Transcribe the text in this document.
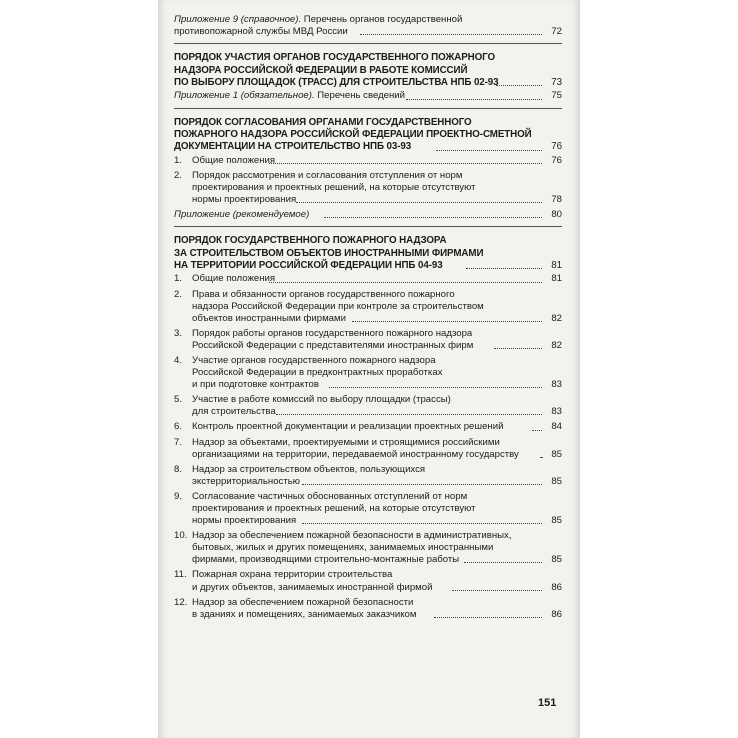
Приложение 9 (справочное). Перечень органов государственной
противопожарной службы МВД России	72
ПОРЯДОК УЧАСТИЯ ОРГАНОВ ГОСУДАРСТВЕННОГО ПОЖАРНОГО
НАДЗОРА РОССИЙСКОЙ ФЕДЕРАЦИИ В РАБОТЕ КОМИССИЙ
ПО ВЫБОРУ ПЛОЩАДОК (ТРАСС) ДЛЯ СТРОИТЕЛЬСТВА НПБ 02-93	73
Приложение 1 (обязательное). Перечень сведений	75
ПОРЯДОК СОГЛАСОВАНИЯ ОРГАНАМИ ГОСУДАРСТВЕННОГО
ПОЖАРНОГО НАДЗОРА РОССИЙСКОЙ ФЕДЕРАЦИИ ПРОЕКТНО-СМЕТНОЙ
ДОКУМЕНТАЦИИ НА СТРОИТЕЛЬСТВО НПБ 03-93	76
1. Общие положения	76
2. Порядок рассмотрения и согласования отступления от норм
проектирования и проектных решений, на которые отсутствуют
нормы проектирования	78
Приложение (рекомендуемое)	80
ПОРЯДОК ГОСУДАРСТВЕННОГО ПОЖАРНОГО НАДЗОРА
ЗА СТРОИТЕЛЬСТВОМ ОБЪЕКТОВ ИНОСТРАННЫМИ ФИРМАМИ
НА ТЕРРИТОРИИ РОССИЙСКОЙ ФЕДЕРАЦИИ НПБ 04-93	81
1. Общие положения	81
2. Права и обязанности органов государственного пожарного
надзора Российской Федерации при контроле за строительством
объектов иностранными фирмами	82
3. Порядок работы органов государственного пожарного надзора
Российской Федерации с представителями иностранных фирм	82
4. Участие органов государственного пожарного надзора
Российской Федерации в предконтрактных проработках
и при подготовке контрактов	83
5. Участие в работе комиссий по выбору площадки (трассы)
для строительства	83
6. Контроль проектной документации и реализации проектных решений	84
7. Надзор за объектами, проектируемыми и строящимися российскими
организациями на территории, передаваемой иностранному государству	85
8. Надзор за строительством объектов, пользующихся
экстерриториальностью	85
9. Согласование частичных обоснованных отступлений от норм
проектирования и проектных решений, на которые отсутствуют
нормы проектирования	85
10. Надзор за обеспечением пожарной безопасности в административных,
бытовых, жилых и других помещениях, занимаемых иностранными
фирмами, производящими строительно-монтажные работы	85
11. Пожарная охрана территории строительства
и других объектов, занимаемых иностранной фирмой	86
12. Надзор за обеспечением пожарной безопасности
в зданиях и помещениях, занимаемых заказчиком	86
151
